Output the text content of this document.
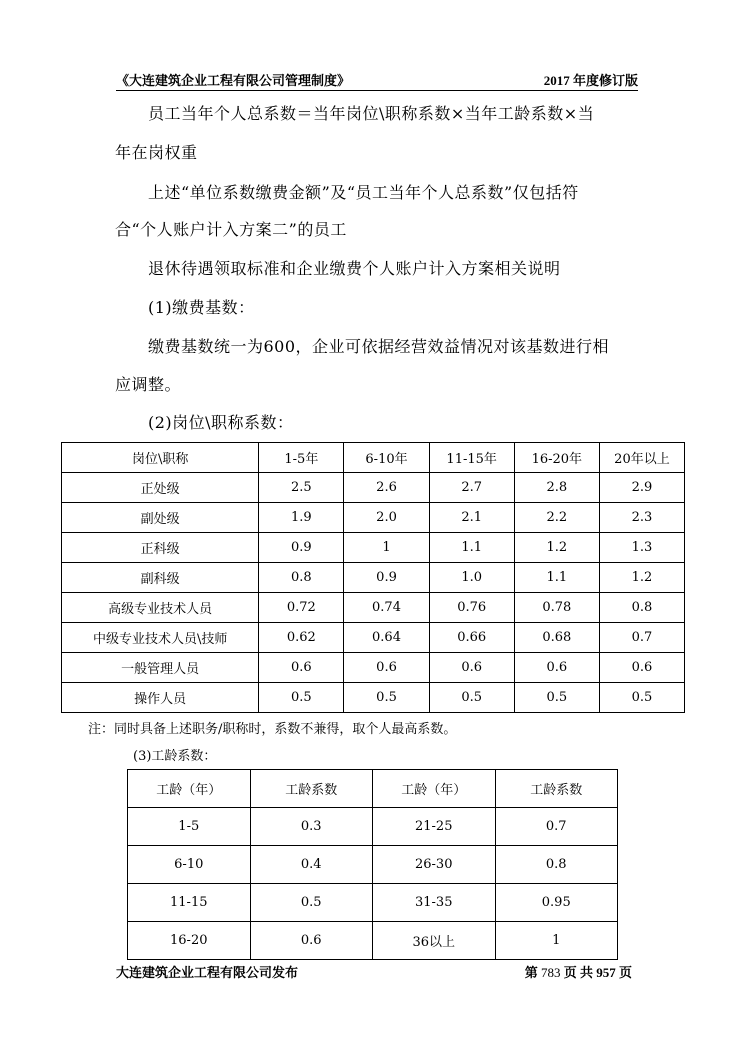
《大连建筑企业工程有限公司管理制度》	2017 年度修订版
员工当年个人总系数＝当年岗位\职称系数×当年工龄系数×当
年在岗权重
上述“单位系数缴费金额”及“员工当年个人总系数”仅包括符
合“个人账户计入方案二”的员工
退休待遇领取标准和企业缴费个人账户计入方案相关说明
(1)缴费基数：
缴费基数统一为600，企业可依据经营效益情况对该基数进行相
应调整。
(2)岗位\职称系数：
岗位\职称	1-5年	6-10年	11-15年	16-20年	20年以上
正处级	2.5	2.6	2.7	2.8	2.9
副处级	1.9	2.0	2.1	2.2	2.3
正科级	0.9	1	1.1	1.2	1.3
副科级	0.8	0.9	1.0	1.1	1.2
高级专业技术人员	0.72	0.74	0.76	0.78	0.8
中级专业技术人员\技师	0.62	0.64	0.66	0.68	0.7
一般管理人员	0.6	0.6	0.6	0.6	0.6
操作人员	0.5	0.5	0.5	0.5	0.5
注：同时具备上述职务/职称时，系数不兼得，取个人最高系数。
(3)工龄系数：
工龄（年）	工龄系数	工龄（年）	工龄系数
1-5	0.3	21-25	0.7
6-10	0.4	26-30	0.8
11-15	0.5	31-35	0.95
16-20	0.6	36以上	1
大连建筑企业工程有限公司发布	第 783 页 共 957 页
